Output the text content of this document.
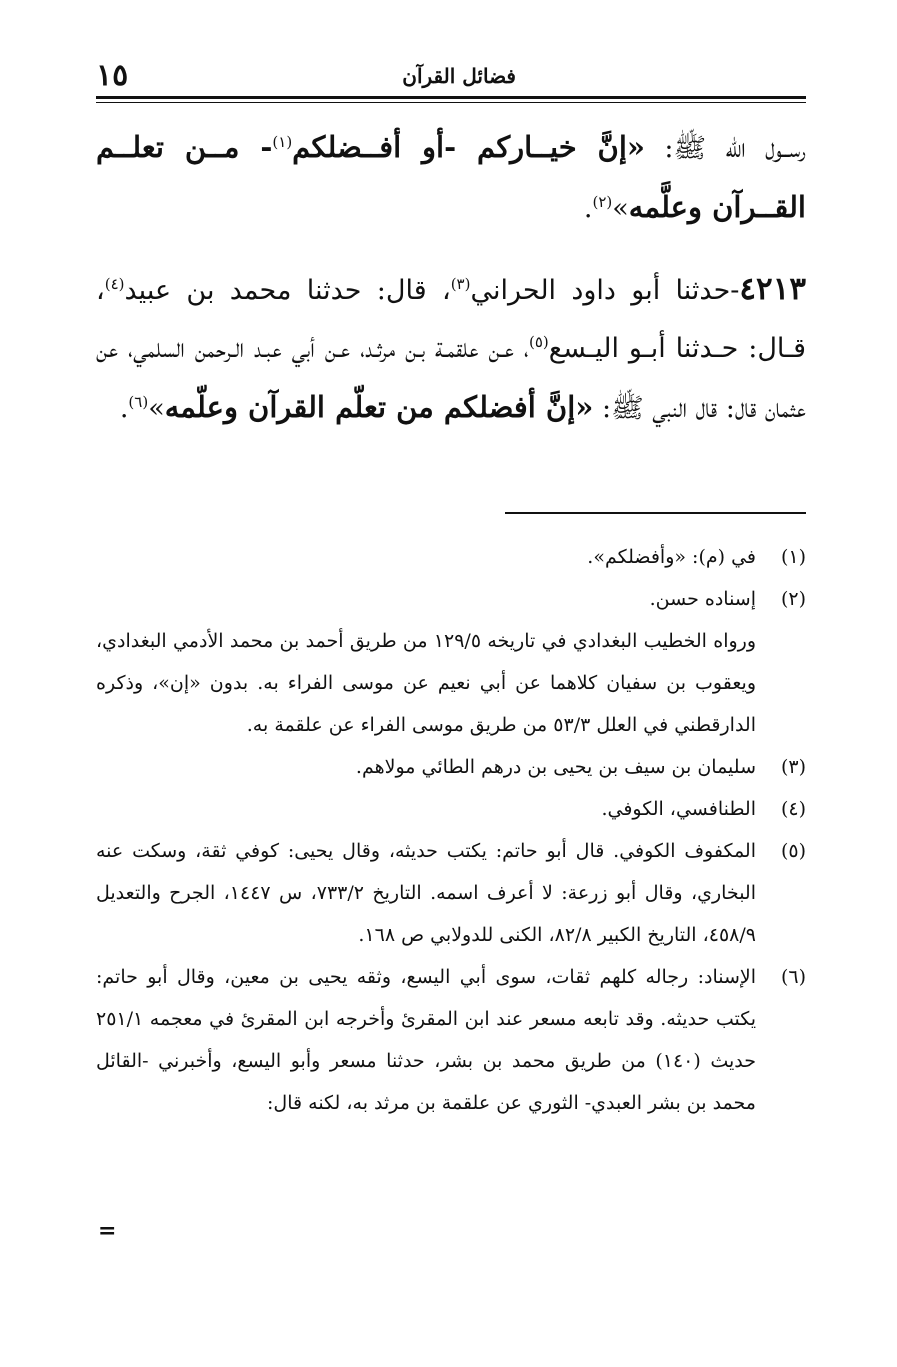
فضائل القرآن
١٥

رســول الله ﷺ: «إنَّ خيــاركم -أو أفــضلكم$^{(١)}$- مــن تعلــم القــرآن وعلَّمه»$^{(٢)}$.

٤٢١٣-حدثنا أبو داود الحراني$^{(٣)}$، قال: حدثنا محمد بن عبيد$^{(٤)}$، قـال: حـدثنا أبـو اليـسع$^{(٥)}$، عـن علقمـة بـن مرثـد، عـن أبي عبـد الـرحمن السلمي، عن عثمان قال: قال النبي ﷺ: «إنَّ أفضلكم من تعلّم القرآن وعلّمه»$^{(٦)}$.

(١)
في (م): «وأفضلكم».

(٢)
إسناده حسن.

ورواه الخطيب البغدادي في تاريخه ١٢٩/٥ من طريق أحمد بن محمد الأدمي البغدادي، ويعقوب بن سفيان كلاهما عن أبي نعيم عن موسى الفراء به. بدون «إن»، وذكره الدارقطني في العلل ٥٣/٣ من طريق موسى الفراء عن علقمة به.

(٣)
سليمان بن سيف بن يحيى بن درهم الطائي مولاهم.

(٤)
الطنافسي، الكوفي.

(٥)
المكفوف الكوفي. قال أبو حاتم: يكتب حديثه، وقال يحيى: كوفي ثقة، وسكت عنه البخاري، وقال أبو زرعة: لا أعرف اسمه. التاريخ ٧٣٣/٢، س ١٤٤٧، الجرح والتعديل ٤٥٨/٩، التاريخ الكبير ٨٢/٨، الكنى للدولابي ص ١٦٨.

(٦)
الإسناد: رجاله كلهم ثقات، سوى أبي اليسع، وثقه يحيى بن معين، وقال أبو حاتم: يكتب حديثه. وقد تابعه مسعر عند ابن المقرئ وأخرجه ابن المقرئ في معجمه ٢٥١/١ حديث (١٤٠) من طريق محمد بن بشر، حدثنا مسعر وأبو اليسع، وأخبرني -القائل محمد بن بشر العبدي- الثوري عن علقمة بن مرثد به، لكنه قال:

=
